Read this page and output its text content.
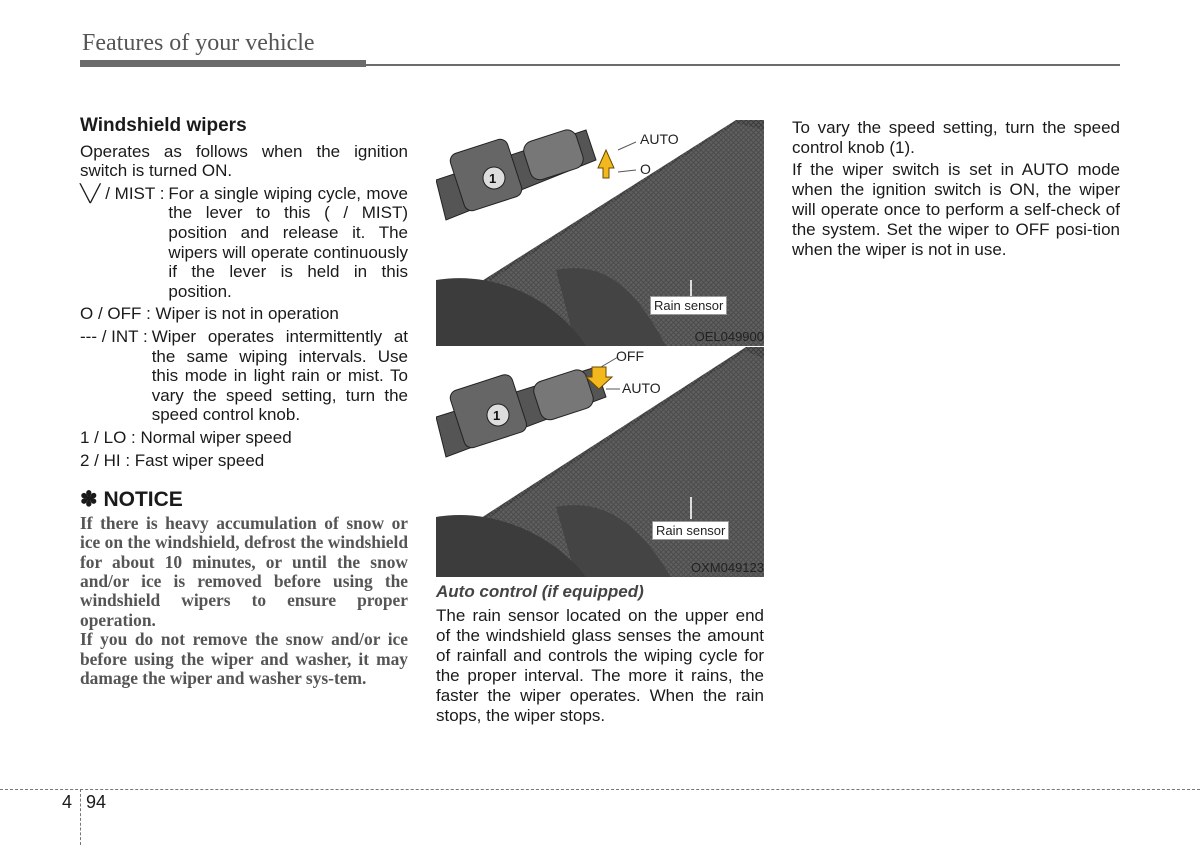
Features of your vehicle
Windshield wipers

Operates as follows when the ignition switch is turned ON.

╲╱ / MIST : For a single wiping cycle, move the lever to this ( / MIST) position and release it. The wipers will operate continuously if the lever is held in this position.

O / OFF : Wiper is not in operation

--- / INT : Wiper operates intermittently at the same wiping intervals. Use this mode in light rain or mist. To vary the speed setting, turn the speed control knob.

1 / LO : Normal wiper speed

2 / HI : Fast wiper speed

✽ NOTICE

If there is heavy accumulation of snow or ice on the windshield, defrost the windshield for about 10 minutes, or until the snow and/or ice is removed before using the windshield wipers to ensure proper operation.

If you do not remove the snow and/or ice before using the wiper and washer, it may damage the wiper and washer sys-tem.

1
AUTO
O
Rain sensor
OEL049900
1
OFF
AUTO
Rain sensor
OXM049123
Auto control (if equipped)
The rain sensor located on the upper end of the windshield glass senses the amount of rainfall and controls the wiping cycle for the proper interval. The more it rains, the faster the wiper operates. When the rain stops, the wiper stops.

To vary the speed setting, turn the speed control knob (1).

If the wiper switch is set in AUTO mode when the ignition switch is ON, the wiper will operate once to perform a self-check of the system. Set the wiper to OFF posi-tion when the wiper is not in use.

4 94
